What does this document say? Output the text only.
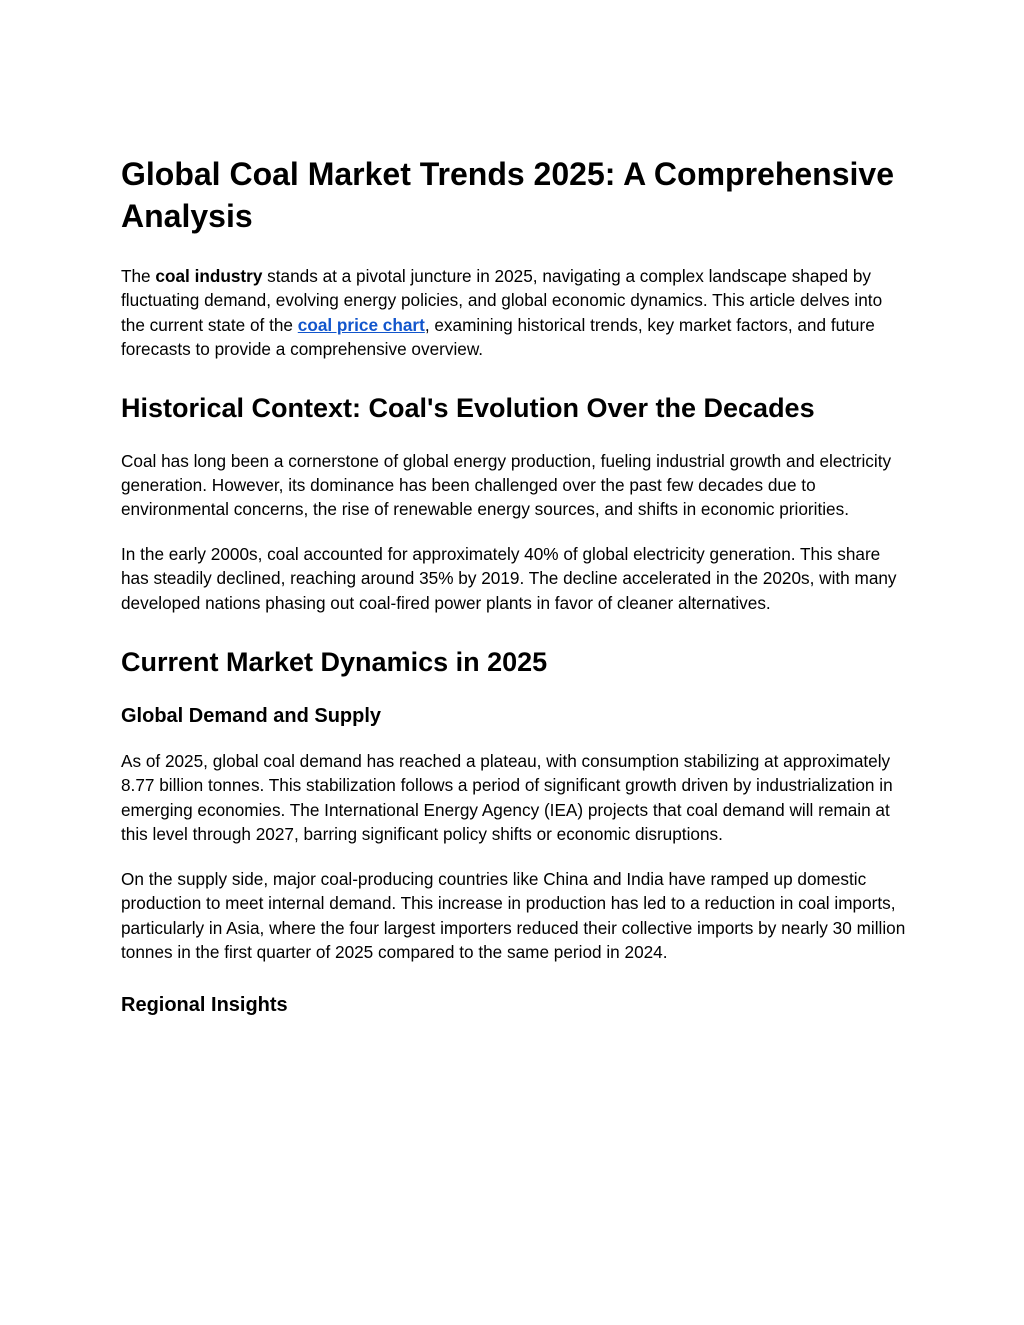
Global Coal Market Trends 2025: A Comprehensive Analysis

The coal industry stands at a pivotal juncture in 2025, navigating a complex landscape shaped by fluctuating demand, evolving energy policies, and global economic dynamics. This article delves into the current state of the coal price chart, examining historical trends, key market factors, and future forecasts to provide a comprehensive overview.

Historical Context: Coal's Evolution Over the Decades

Coal has long been a cornerstone of global energy production, fueling industrial growth and electricity generation. However, its dominance has been challenged over the past few decades due to environmental concerns, the rise of renewable energy sources, and shifts in economic priorities.

In the early 2000s, coal accounted for approximately 40% of global electricity generation. This share has steadily declined, reaching around 35% by 2019. The decline accelerated in the 2020s, with many developed nations phasing out coal-fired power plants in favor of cleaner alternatives.

Current Market Dynamics in 2025
Global Demand and Supply

As of 2025, global coal demand has reached a plateau, with consumption stabilizing at approximately 8.77 billion tonnes. This stabilization follows a period of significant growth driven by industrialization in emerging economies. The International Energy Agency (IEA) projects that coal demand will remain at this level through 2027, barring significant policy shifts or economic disruptions.

On the supply side, major coal-producing countries like China and India have ramped up domestic production to meet internal demand. This increase in production has led to a reduction in coal imports, particularly in Asia, where the four largest importers reduced their collective imports by nearly 30 million tonnes in the first quarter of 2025 compared to the same period in 2024.

Regional Insights
